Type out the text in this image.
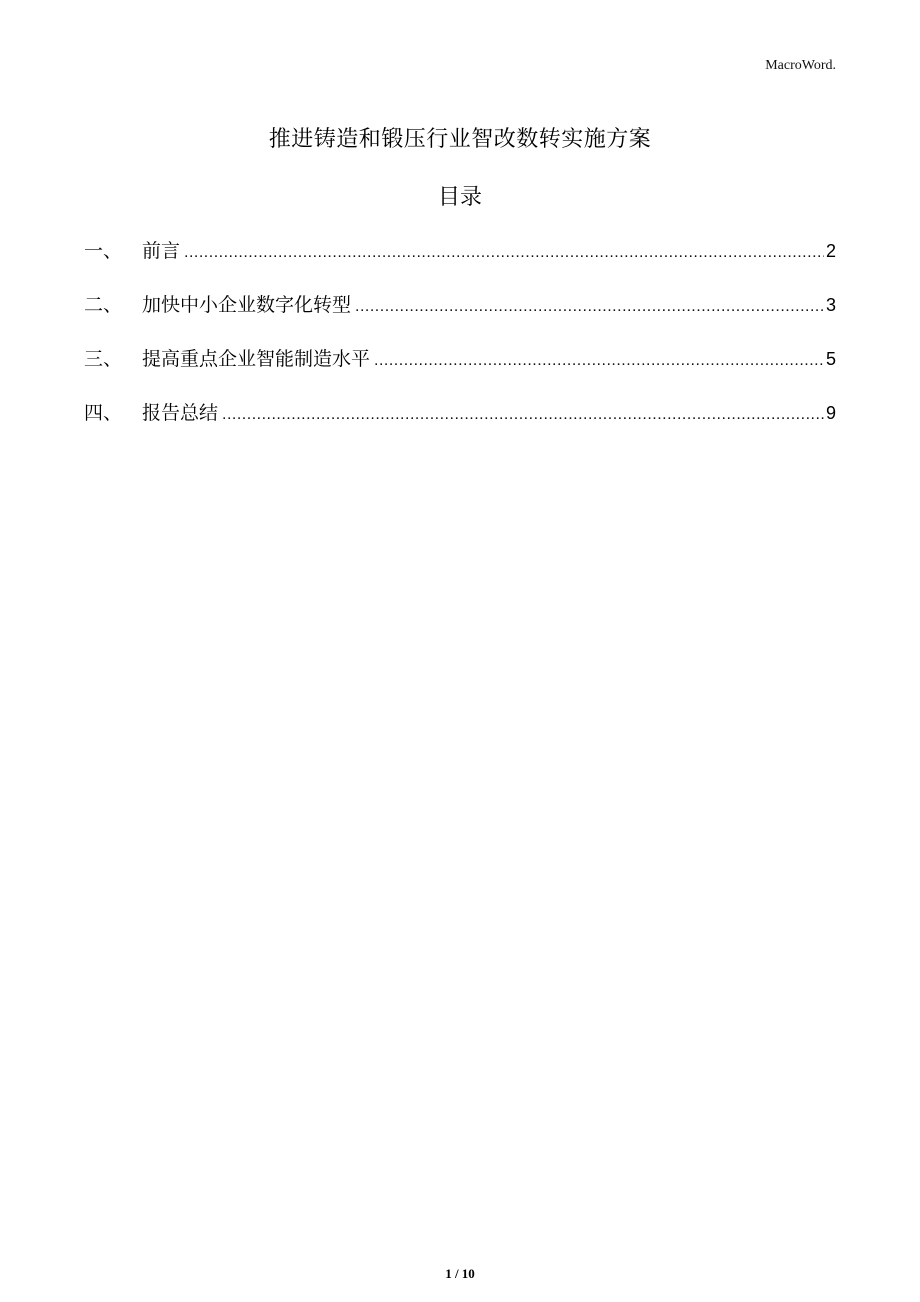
MacroWord.
推进铸造和锻压行业智改数转实施方案
目录
一、	前言 .....	2
二、	加快中小企业数字化转型 .....	3
三、	提高重点企业智能制造水平 .....	5
四、	报告总结 .....	9
1 / 10
